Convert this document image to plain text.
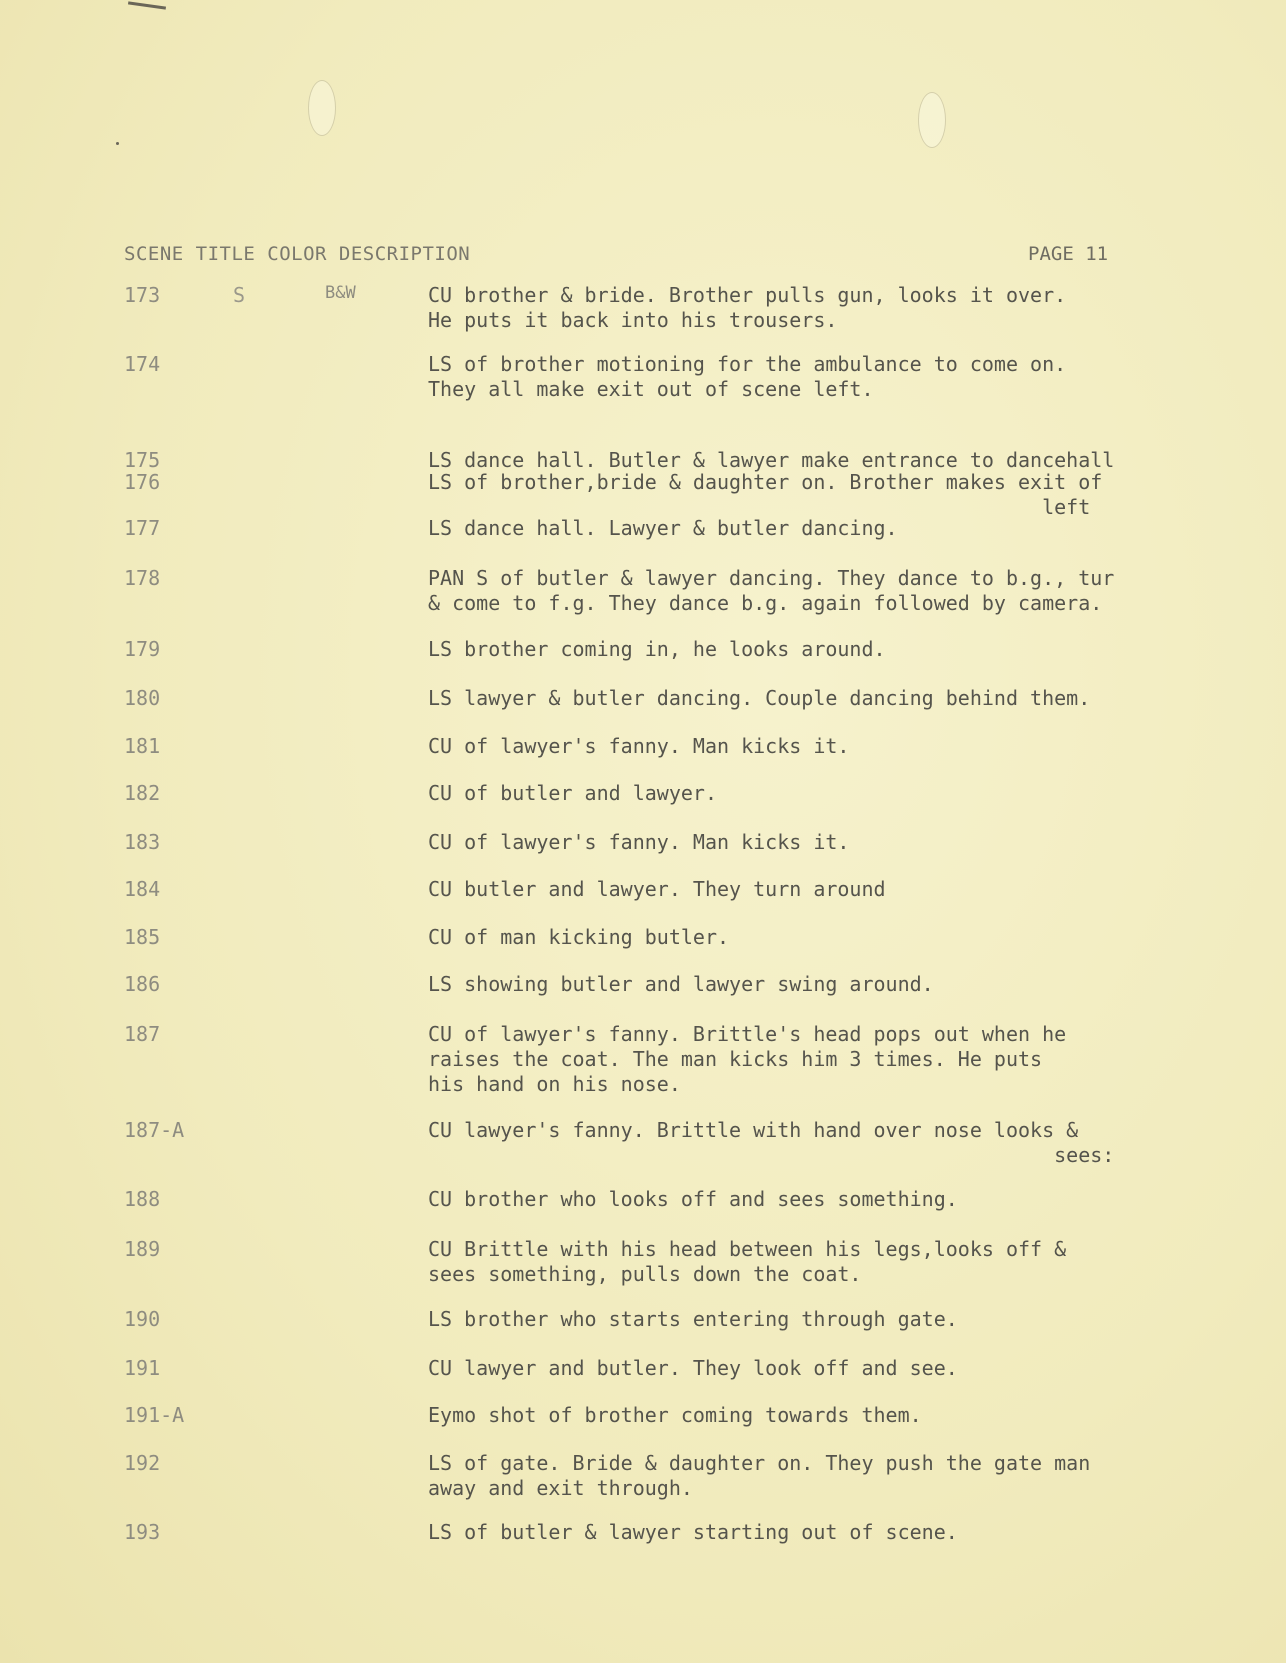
SCENE TITLE COLOR DESCRIPTION	PAGE 11
173	S	B&W	CU brother & bride. Brother pulls gun, looks it over.
He puts it back into his trousers.
174	LS of brother motioning for the ambulance to come on.
They all make exit out of scene left.
175	LS dance hall. Butler & lawyer make entrance to dancehall
176	LS of brother,bride & daughter on. Brother makes exit of
left
177	LS dance hall. Lawyer & butler dancing.
178	PAN S of butler & lawyer dancing. They dance to b.g., tur
& come to f.g. They dance b.g. again followed by camera.
179	LS brother coming in, he looks around.
180	LS lawyer & butler dancing. Couple dancing behind them.
181	CU of lawyer's fanny. Man kicks it.
182	CU of butler and lawyer.
183	CU of lawyer's fanny. Man kicks it.
184	CU butler and lawyer. They turn around
185	CU of man kicking butler.
186	LS showing butler and lawyer swing around.
187	CU of lawyer's fanny. Brittle's head pops out when he
raises the coat. The man kicks him 3 times. He puts
his hand on his nose.
187-A	CU lawyer's fanny. Brittle with hand over nose looks &
sees:
188	CU brother who looks off and sees something.
189	CU Brittle with his head between his legs,looks off &
sees something, pulls down the coat.
190	LS brother who starts entering through gate.
191	CU lawyer and butler. They look off and see.
191-A	Eymo shot of brother coming towards them.
192	LS of gate. Bride & daughter on. They push the gate man
away and exit through.
193	LS of butler & lawyer starting out of scene.
